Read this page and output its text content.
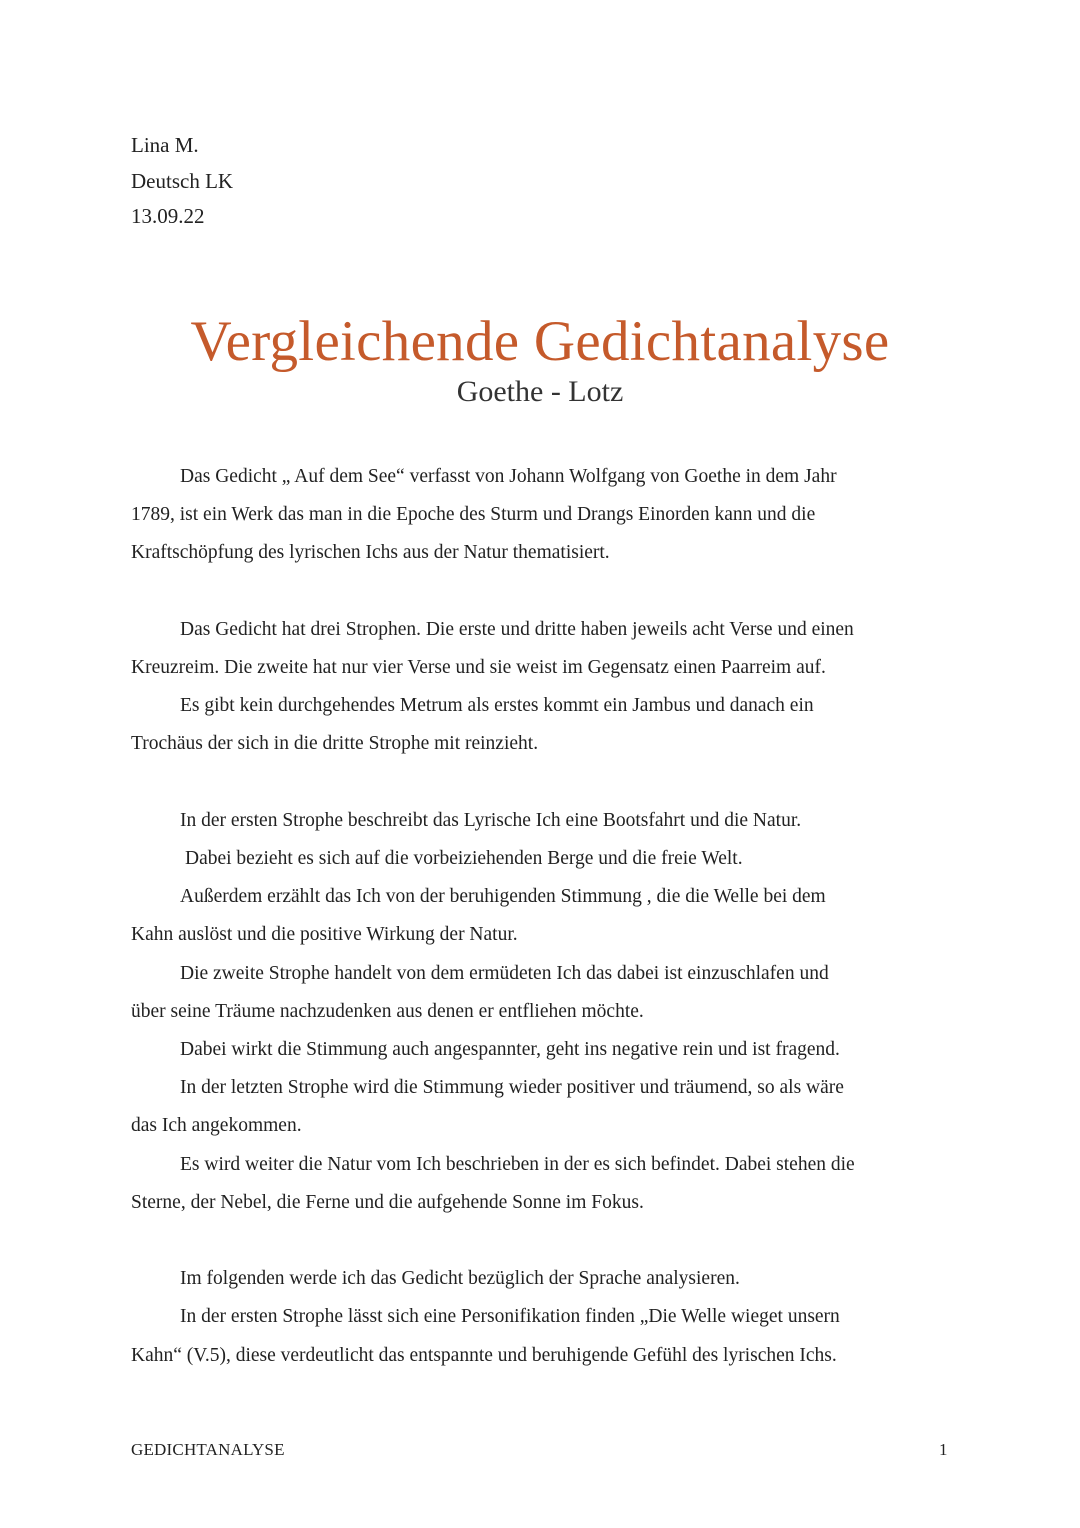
Lina M.
Deutsch LK
13.09.22
Vergleichende Gedichtanalyse
Goethe - Lotz

Das Gedicht „ Auf dem See“ verfasst von Johann Wolfgang von Goethe in dem Jahr

1789, ist ein Werk das man in die Epoche des Sturm und Drangs Einorden kann und die

Kraftschöpfung des lyrischen Ichs aus der Natur thematisiert.

Das Gedicht hat drei Strophen. Die erste und dritte haben jeweils acht Verse und einen

Kreuzreim. Die zweite hat nur vier Verse und sie weist im Gegensatz einen Paarreim auf.

Es gibt kein durchgehendes Metrum als erstes kommt ein Jambus und danach ein

Trochäus der sich in die dritte Strophe mit reinzieht.

In der ersten Strophe beschreibt das Lyrische Ich eine Bootsfahrt und die Natur.

Dabei bezieht es sich auf die vorbeiziehenden Berge und die freie Welt.

Außerdem erzählt das Ich von der beruhigenden Stimmung , die die Welle bei dem

Kahn auslöst und die positive Wirkung der Natur.

Die zweite Strophe handelt von dem ermüdeten Ich das dabei ist einzuschlafen und

über seine Träume nachzudenken aus denen er entfliehen möchte.

Dabei wirkt die Stimmung auch angespannter, geht ins negative rein und ist fragend.

In der letzten Strophe wird die Stimmung wieder positiver und träumend, so als wäre

das Ich angekommen.

Es wird weiter die Natur vom Ich beschrieben in der es sich befindet. Dabei stehen die

Sterne, der Nebel, die Ferne und die aufgehende Sonne im Fokus.

Im folgenden werde ich das Gedicht bezüglich der Sprache analysieren.

In der ersten Strophe lässt sich eine Personifikation finden „Die Welle wieget unsern

Kahn“ (V.5), diese verdeutlicht das entspannte und beruhigende Gefühl des lyrischen Ichs.

GEDICHTANALYSE	1
